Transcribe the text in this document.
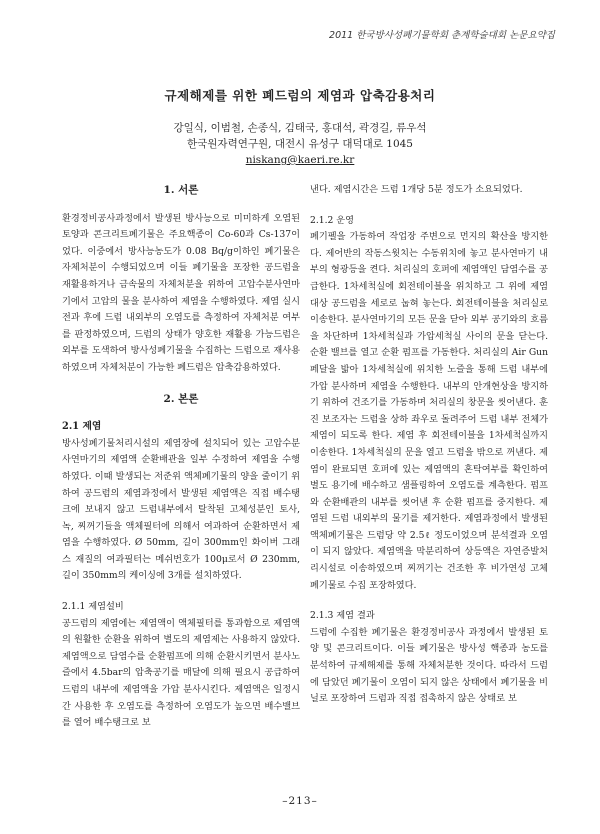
2011 한국방사성폐기물학회 춘계학술대회 논문요약집
규제해제를 위한 폐드럼의 제염과 압축감용처리
강일식, 이범철, 손종식, 김태국, 홍대석, 곽경길, 류우석
한국원자력연구원, 대전시 유성구 대덕대로 1045
niskang@kaeri.re.kr
1. 서론

환경정비공사과정에서 발생된 방사능으로 미미하게 오염된 토양과 콘크리트폐기물은 주요핵종이 Co-60과 Cs-137이었다. 이중에서 방사능농도가 0.08 Bq/g이하인 폐기물은 자체처분이 수행되었으며 이들 폐기물을 포장한 공드럼을 재활용하거나 금속물의 자체처분을 위하여 고압수분사연마기에서 고압의 물을 분사하여 제염을 수행하였다. 제염 실시 전과 후에 드럼 내외부의 오염도를 측정하여 자체처분 여부를 판정하였으며, 드럼의 상태가 양호한 재활용 가능드럼은 외부를 도색하여 방사성폐기물을 수집하는 드럼으로 재사용하였으며 자체처분이 가능한 폐드럼은 압축감용하였다.

2. 본론

2.1 제염

방사성폐기물처리시설의 제염장에 설치되어 있는 고압수분사연마기의 제염액 순환배관을 일부 수정하여 제염을 수행하였다. 이때 발생되는 저준위 액체폐기물의 양을 줄이기 위하여 공드럼의 제염과정에서 발생된 제염액은 직접 배수탱크에 보내지 않고 드럼내부에서 탈착된 고체성분인 토사, 녹, 찌꺼기들을 액체필터에 의해서 여과하여 순환하면서 제염을 수행하였다. Ø 50mm, 길이 300mm인 화이버 그래스 재질의 여과필터는 메쉬번호가 100μ로서 Ø 230mm, 길이 350mm의 케이싱에 3개를 설치하였다.

2.1.1 제염설비

공드럼의 제염에는 제염액이 액체필터를 통과함으로 제염액의 원활한 순환을 위하여 별도의 제염제는 사용하지 않았다. 제염액으로 담염수를 순환펌프에 의해 순환시키면서 분사노즐에서 4.5bar의 압축공기를 매달에 의해 필요시 공급하여 드럼의 내부에 제염액을 가압 분사시킨다. 제염액은 일정시간 사용한 후 오염도를 측정하여 오염도가 높으면 배수밸브를 열어 배수탱크로 보

낸다. 제염시간은 드럼 1개당 5분 정도가 소요되었다.

2.1.2 운영

폐기펠을 가동하여 작업장 주변으로 먼지의 확산을 방지한다. 제어반의 작동스윗치는 수동위치에 놓고 분사연마기 내부의 형광등을 켠다. 처리실의 호퍼에 제염액인 담염수를 공급한다. 1차세척실에 회전테이블을 위치하고 그 위에 제염대상 공드럼을 세로로 눕혀 놓는다. 회전테이블을 처리실로 이송한다. 분사연마기의 모든 문을 닫아 외부 공기와의 흐름을 차단하며 1차세척실과 가압세척실 사이의 문을 닫는다. 순환 밸브를 열고 순환 펌프를 가동한다. 처리실의 Air Gun 페달을 밟아 1차세척실에 위치한 노즐을 통해 드럼 내부에 가압 분사하며 제염을 수행한다. 내부의 안개현상을 방지하기 위하여 건조기를 가동하며 처리실의 창문을 씻어낸다. 훈진 보조자는 드럼을 상하 좌우로 돌려주어 드럼 내부 전체가 제염이 되도록 한다. 제염 후 회전테이블을 1차세척실까지 이송한다. 1차세척실의 문을 열고 드럼을 밖으로 꺼낸다. 제염이 완료되면 호퍼에 있는 제염액의 혼탁여부를 확인하여 별도 용기에 배수하고 샘플링하여 오염도를 계측한다. 펌프와 순환배관의 내부를 씻어낸 후 순환 펌프를 중지한다. 제염된 드럼 내외부의 물기를 제거한다. 제염과정에서 발생된 액체폐기물은 드럼당 약 2.5ℓ 정도이었으며 분석결과 오염이 되지 않았다. 제염액을 막분리하여 상등액은 자연증발처리시설로 이송하였으며 찌꺼기는 건조한 후 비가연성 고체폐기물로 수집 포장하였다.

2.1.3 제염 결과

드럼에 수집한 폐기물은 환경정비공사 과정에서 발생된 토양 및 콘크리트이다. 이들 폐기물은 방사성 핵종과 농도를 분석하여 규제해제를 통해 자체처분한 것이다. 따라서 드럼에 담았던 폐기물이 오염이 되지 않은 상태에서 폐기물을 비닐로 포장하여 드럼과 직접 접촉하지 않은 상태로 보

–213–
